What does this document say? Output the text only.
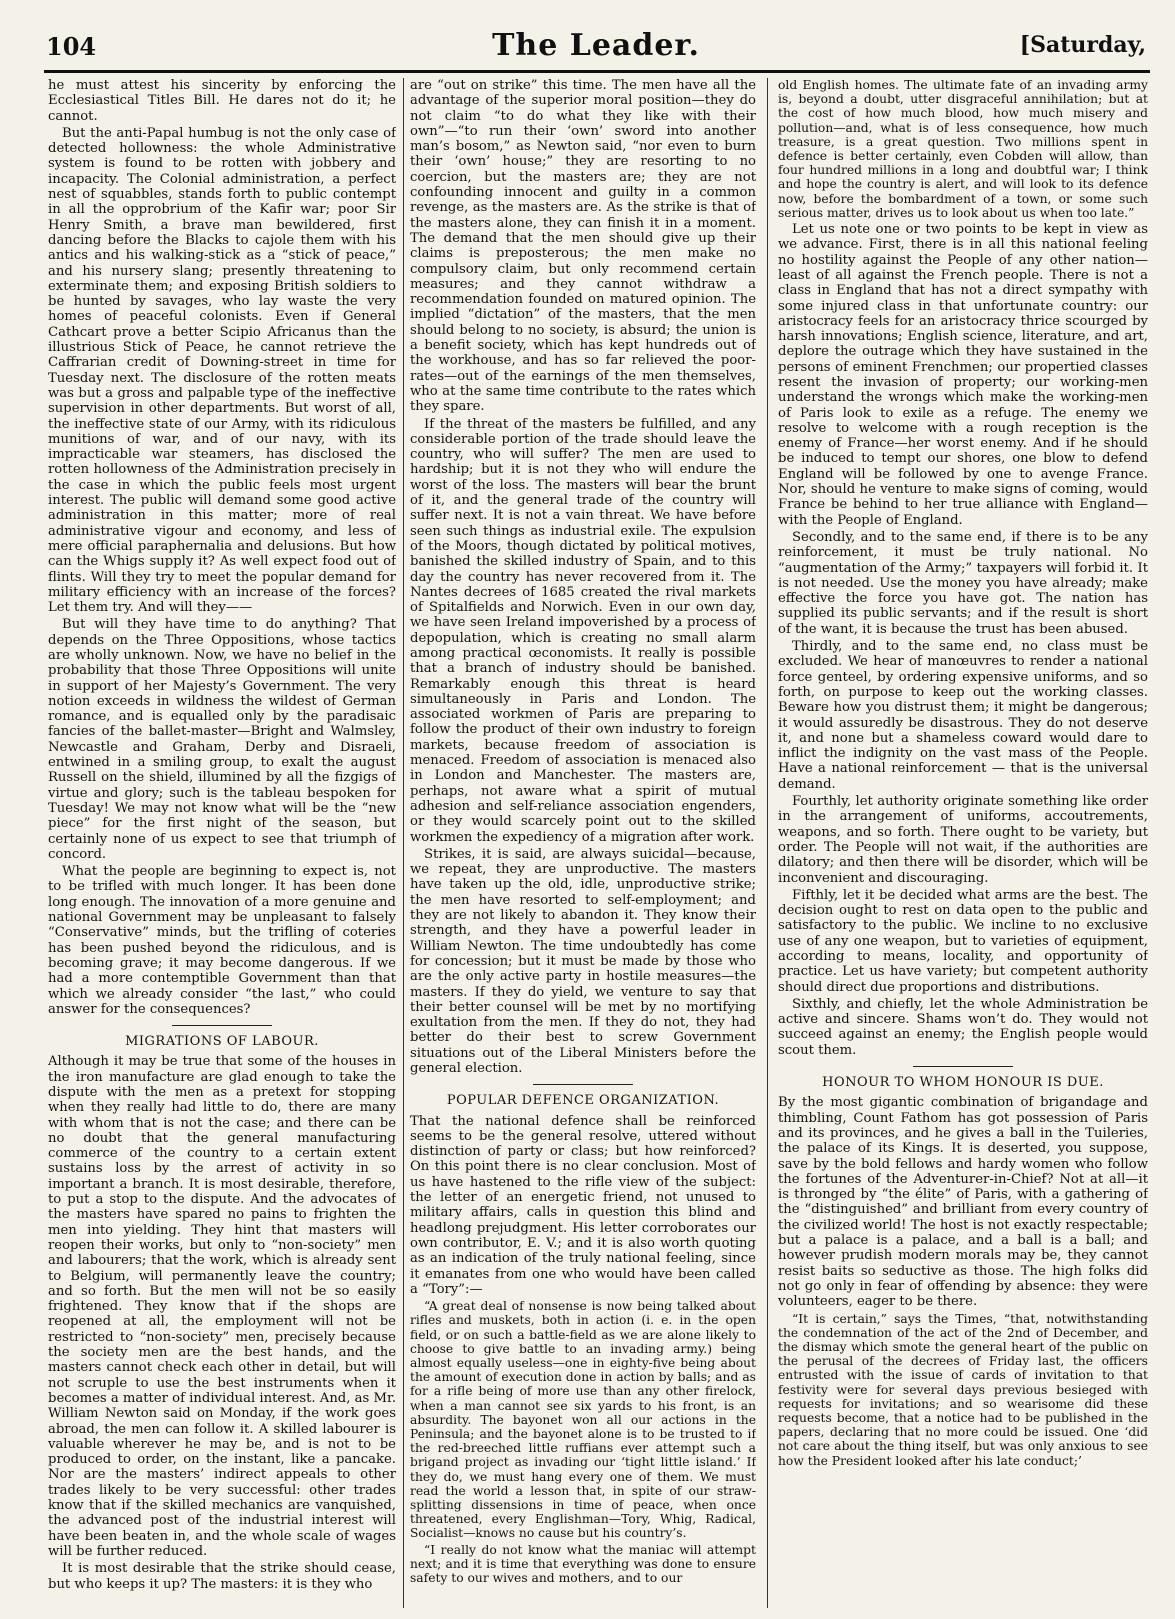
104	The Leader.	[Saturday,

he must attest his sincerity by enforcing the Ecclesiastical Titles Bill. He dares not do it; he cannot.

But the anti-Papal humbug is not the only case of detected hollowness: the whole Administrative system is found to be rotten with jobbery and incapacity. The Colonial administration, a perfect nest of squabbles, stands forth to public contempt in all the opprobrium of the Kafir war; poor Sir Henry Smith, a brave man bewildered, first dancing before the Blacks to cajole them with his antics and his walking-stick as a “stick of peace,” and his nursery slang; presently threatening to exterminate them; and exposing British soldiers to be hunted by savages, who lay waste the very homes of peaceful colonists. Even if General Cathcart prove a better Scipio Africanus than the illustrious Stick of Peace, he cannot retrieve the Caffrarian credit of Downing-street in time for Tuesday next. The disclosure of the rotten meats was but a gross and palpable type of the ineffective supervision in other departments. But worst of all, the ineffective state of our Army, with its ridiculous munitions of war, and of our navy, with its impracticable war steamers, has disclosed the rotten hollowness of the Administration precisely in the case in which the public feels most urgent interest. The public will demand some good active administration in this matter; more of real administrative vigour and economy, and less of mere official paraphernalia and delusions. But how can the Whigs supply it? As well expect food out of flints. Will they try to meet the popular demand for military efficiency with an increase of the forces? Let them try. And will they——

But will they have time to do anything? That depends on the Three Oppositions, whose tactics are wholly unknown. Now, we have no belief in the probability that those Three Oppositions will unite in support of her Majesty’s Government. The very notion exceeds in wildness the wildest of German romance, and is equalled only by the paradisaic fancies of the ballet-master—Bright and Walmsley, Newcastle and Graham, Derby and Disraeli, entwined in a smiling group, to exalt the august Russell on the shield, illumined by all the fizgigs of virtue and glory; such is the tableau bespoken for Tuesday! We may not know what will be the “new piece” for the first night of the season, but certainly none of us expect to see that triumph of concord.

What the people are beginning to expect is, not to be trifled with much longer. It has been done long enough. The innovation of a more genuine and national Government may be unpleasant to falsely “Conservative” minds, but the trifling of coteries has been pushed beyond the ridiculous, and is becoming grave; it may become dangerous. If we had a more contemptible Government than that which we already consider “the last,” who could answer for the consequences?

MIGRATIONS OF LABOUR.

Although it may be true that some of the houses in the iron manufacture are glad enough to take the dispute with the men as a pretext for stopping when they really had little to do, there are many with whom that is not the case; and there can be no doubt that the general manufacturing commerce of the country to a certain extent sustains loss by the arrest of activity in so important a branch. It is most desirable, therefore, to put a stop to the dispute. And the advocates of the masters have spared no pains to frighten the men into yielding. They hint that masters will reopen their works, but only to “non-society” men and labourers; that the work, which is already sent to Belgium, will permanently leave the country; and so forth. But the men will not be so easily frightened. They know that if the shops are reopened at all, the employment will not be restricted to “non-society” men, precisely because the society men are the best hands, and the masters cannot check each other in detail, but will not scruple to use the best instruments when it becomes a matter of individual interest. And, as Mr. William Newton said on Monday, if the work goes abroad, the men can follow it. A skilled labourer is valuable wherever he may be, and is not to be produced to order, on the instant, like a pancake. Nor are the masters’ indirect appeals to other trades likely to be very successful: other trades know that if the skilled mechanics are vanquished, the advanced post of the industrial interest will have been beaten in, and the whole scale of wages will be further reduced.

It is most desirable that the strike should cease, but who keeps it up? The masters: it is they who

are “out on strike” this time. The men have all the advantage of the superior moral position—they do not claim “to do what they like with their own”—“to run their ‘own’ sword into another man’s bosom,” as Newton said, “nor even to burn their ‘own’ house;” they are resorting to no coercion, but the masters are; they are not confounding innocent and guilty in a common revenge, as the masters are. As the strike is that of the masters alone, they can finish it in a moment. The demand that the men should give up their claims is preposterous; the men make no compulsory claim, but only recommend certain measures; and they cannot withdraw a recommendation founded on matured opinion. The implied “dictation” of the masters, that the men should belong to no society, is absurd; the union is a benefit society, which has kept hundreds out of the workhouse, and has so far relieved the poor-rates—out of the earnings of the men themselves, who at the same time contribute to the rates which they spare.

If the threat of the masters be fulfilled, and any considerable portion of the trade should leave the country, who will suffer? The men are used to hardship; but it is not they who will endure the worst of the loss. The masters will bear the brunt of it, and the general trade of the country will suffer next. It is not a vain threat. We have before seen such things as industrial exile. The expulsion of the Moors, though dictated by political motives, banished the skilled industry of Spain, and to this day the country has never recovered from it. The Nantes decrees of 1685 created the rival markets of Spitalfields and Norwich. Even in our own day, we have seen Ireland impoverished by a process of depopulation, which is creating no small alarm among practical œconomists. It really is possible that a branch of industry should be banished. Remarkably enough this threat is heard simultaneously in Paris and London. The associated workmen of Paris are preparing to follow the product of their own industry to foreign markets, because freedom of association is menaced. Freedom of association is menaced also in London and Manchester. The masters are, perhaps, not aware what a spirit of mutual adhesion and self-reliance association engenders, or they would scarcely point out to the skilled workmen the expediency of a migration after work.

Strikes, it is said, are always suicidal—because, we repeat, they are unproductive. The masters have taken up the old, idle, unproductive strike; the men have resorted to self-employment; and they are not likely to abandon it. They know their strength, and they have a powerful leader in William Newton. The time undoubtedly has come for concession; but it must be made by those who are the only active party in hostile measures—the masters. If they do yield, we venture to say that their better counsel will be met by no mortifying exultation from the men. If they do not, they had better do their best to screw Government situations out of the Liberal Ministers before the general election.

POPULAR DEFENCE ORGANIZATION.

That the national defence shall be reinforced seems to be the general resolve, uttered without distinction of party or class; but how reinforced? On this point there is no clear conclusion. Most of us have hastened to the rifle view of the subject: the letter of an energetic friend, not unused to military affairs, calls in question this blind and headlong prejudgment. His letter corroborates our own contributor, E. V.; and it is also worth quoting as an indication of the truly national feeling, since it emanates from one who would have been called a “Tory”:—

“A great deal of nonsense is now being talked about rifles and muskets, both in action (i. e. in the open field, or on such a battle-field as we are alone likely to choose to give battle to an invading army.) being almost equally useless—one in eighty-five being about the amount of execution done in action by balls; and as for a rifle being of more use than any other firelock, when a man cannot see six yards to his front, is an absurdity. The bayonet won all our actions in the Peninsula; and the bayonet alone is to be trusted to if the red-breeched little ruffians ever attempt such a brigand project as invading our ‘tight little island.’ If they do, we must hang every one of them. We must read the world a lesson that, in spite of our straw-splitting dissensions in time of peace, when once threatened, every Englishman—Tory, Whig, Radical, Socialist—knows no cause but his country’s.

“I really do not know what the maniac will attempt next; and it is time that everything was done to ensure safety to our wives and mothers, and to our

old English homes. The ultimate fate of an invading army is, beyond a doubt, utter disgraceful annihilation; but at the cost of how much blood, how much misery and pollution—and, what is of less consequence, how much treasure, is a great question. Two millions spent in defence is better certainly, even Cobden will allow, than four hundred millions in a long and doubtful war; I think and hope the country is alert, and will look to its defence now, before the bombardment of a town, or some such serious matter, drives us to look about us when too late.”

Let us note one or two points to be kept in view as we advance. First, there is in all this national feeling no hostility against the People of any other nation—least of all against the French people. There is not a class in England that has not a direct sympathy with some injured class in that unfortunate country: our aristocracy feels for an aristocracy thrice scourged by harsh innovations; English science, literature, and art, deplore the outrage which they have sustained in the persons of eminent Frenchmen; our propertied classes resent the invasion of property; our working-men understand the wrongs which make the working-men of Paris look to exile as a refuge. The enemy we resolve to welcome with a rough reception is the enemy of France—her worst enemy. And if he should be induced to tempt our shores, one blow to defend England will be followed by one to avenge France. Nor, should he venture to make signs of coming, would France be behind to her true alliance with England—with the People of England.

Secondly, and to the same end, if there is to be any reinforcement, it must be truly national. No “augmentation of the Army;” taxpayers will forbid it. It is not needed. Use the money you have already; make effective the force you have got. The nation has supplied its public servants; and if the result is short of the want, it is because the trust has been abused.

Thirdly, and to the same end, no class must be excluded. We hear of manœuvres to render a national force genteel, by ordering expensive uniforms, and so forth, on purpose to keep out the working classes. Beware how you distrust them; it might be dangerous; it would assuredly be disastrous. They do not deserve it, and none but a shameless coward would dare to inflict the indignity on the vast mass of the People. Have a national reinforcement — that is the universal demand.

Fourthly, let authority originate something like order in the arrangement of uniforms, accoutrements, weapons, and so forth. There ought to be variety, but order. The People will not wait, if the authorities are dilatory; and then there will be disorder, which will be inconvenient and discouraging.

Fifthly, let it be decided what arms are the best. The decision ought to rest on data open to the public and satisfactory to the public. We incline to no exclusive use of any one weapon, but to varieties of equipment, according to means, locality, and opportunity of practice. Let us have variety; but competent authority should direct due proportions and distributions.

Sixthly, and chiefly, let the whole Administration be active and sincere. Shams won’t do. They would not succeed against an enemy; the English people would scout them.

HONOUR TO WHOM HONOUR IS DUE.

By the most gigantic combination of brigandage and thimbling, Count Fathom has got possession of Paris and its provinces, and he gives a ball in the Tuileries, the palace of its Kings. It is deserted, you suppose, save by the bold fellows and hardy women who follow the fortunes of the Adventurer-in-Chief? Not at all—it is thronged by “the élite” of Paris, with a gathering of the “distinguished” and brilliant from every country of the civilized world! The host is not exactly respectable; but a palace is a palace, and a ball is a ball; and however prudish modern morals may be, they cannot resist baits so seductive as those. The high folks did not go only in fear of offending by absence: they were volunteers, eager to be there.

“It is certain,” says the Times, “that, notwithstanding the condemnation of the act of the 2nd of December, and the dismay which smote the general heart of the public on the perusal of the decrees of Friday last, the officers entrusted with the issue of cards of invitation to that festivity were for several days previous besieged with requests for invitations; and so wearisome did these requests become, that a notice had to be published in the papers, declaring that no more could be issued. One ‘did not care about the thing itself, but was only anxious to see how the President looked after his late conduct;’
